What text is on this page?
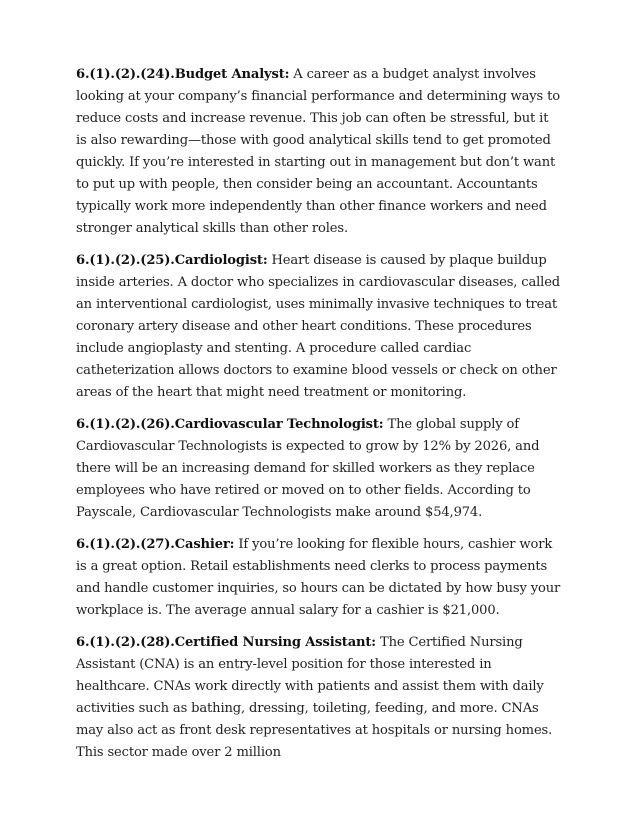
6.(1).(2).(24).Budget Analyst: A career as a budget analyst involves looking at your company’s financial performance and determining ways to reduce costs and increase revenue. This job can often be stressful, but it is also rewarding—those with good analytical skills tend to get promoted quickly. If you’re interested in starting out in management but don’t want to put up with people, then consider being an accountant. Accountants typically work more independently than other finance workers and need stronger analytical skills than other roles.

6.(1).(2).(25).Cardiologist: Heart disease is caused by plaque buildup inside arteries. A doctor who specializes in cardiovascular diseases, called an interventional cardiologist, uses minimally invasive techniques to treat coronary artery disease and other heart conditions. These procedures include angioplasty and stenting. A procedure called cardiac catheterization allows doctors to examine blood vessels or check on other areas of the heart that might need treatment or monitoring.

6.(1).(2).(26).Cardiovascular Technologist: The global supply of Cardiovascular Technologists is expected to grow by 12% by 2026, and there will be an increasing demand for skilled workers as they replace employees who have retired or moved on to other fields. According to Payscale, Cardiovascular Technologists make around $54,974.

6.(1).(2).(27).Cashier: If you’re looking for flexible hours, cashier work is a great option. Retail establishments need clerks to process payments and handle customer inquiries, so hours can be dictated by how busy your workplace is. The average annual salary for a cashier is $21,000.

6.(1).(2).(28).Certified Nursing Assistant: The Certified Nursing Assistant (CNA) is an entry-level position for those interested in healthcare. CNAs work directly with patients and assist them with daily activities such as bathing, dressing, toileting, feeding, and more. CNAs may also act as front desk representatives at hospitals or nursing homes. This sector made over 2 million
